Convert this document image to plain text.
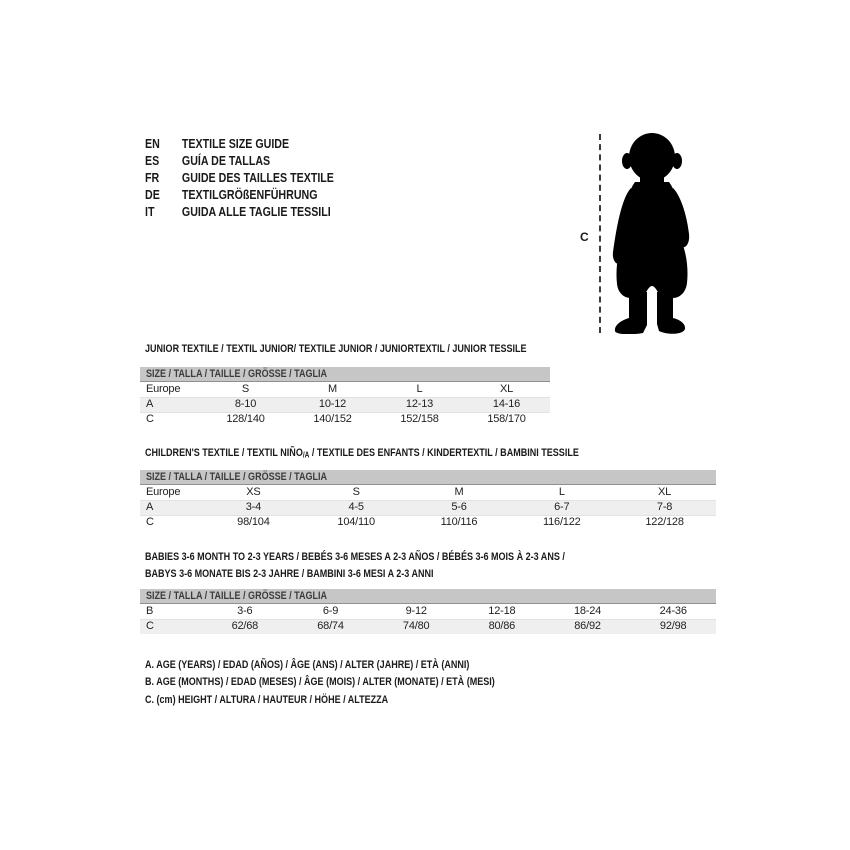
EN	TEXTILE SIZE GUIDE
ES	GUÍA DE TALLAS
FR	GUIDE DES TAILLES TEXTILE
DE	TEXTILGRÖßENFÜHRUNG
IT	GUIDA ALLE TAGLIE TESSILI
C
JUNIOR TEXTILE / TEXTIL JUNIOR/ TEXTILE JUNIOR / JUNIORTEXTIL / JUNIOR TESSILE
SIZE / TALLA / TAILLE / GRÖSSE / TAGLIA
Europe	S	M	L	XL
A	8-10	10-12	12-13	14-16
C	128/140	140/152	152/158	158/170
CHILDREN'S TEXTILE / TEXTIL NIÑO/A / TEXTILE DES ENFANTS / KINDERTEXTIL / BAMBINI TESSILE
SIZE / TALLA / TAILLE / GRÖSSE / TAGLIA
Europe	XS	S	M	L	XL
A	3-4	4-5	5-6	6-7	7-8
C	98/104	104/110	110/116	116/122	122/128
BABIES 3-6 MONTH TO 2-3 YEARS / BEBÉS 3-6 MESES A 2-3 AÑOS / BÉBÉS 3-6 MOIS À 2-3 ANS /
BABYS 3-6 MONATE BIS 2-3 JAHRE / BAMBINI 3-6 MESI A 2-3 ANNI
SIZE / TALLA / TAILLE / GRÖSSE / TAGLIA
B	3-6	6-9	9-12	12-18	18-24	24-36
C	62/68	68/74	74/80	80/86	86/92	92/98
A. AGE (YEARS) / EDAD (AÑOS) / ÂGE (ANS) / ALTER (JAHRE) / ETÀ (ANNI)
B. AGE (MONTHS) / EDAD (MESES) / ÂGE (MOIS) / ALTER (MONATE) / ETÀ (MESI)
C. (cm) HEIGHT / ALTURA / HAUTEUR / HÖHE / ALTEZZA
